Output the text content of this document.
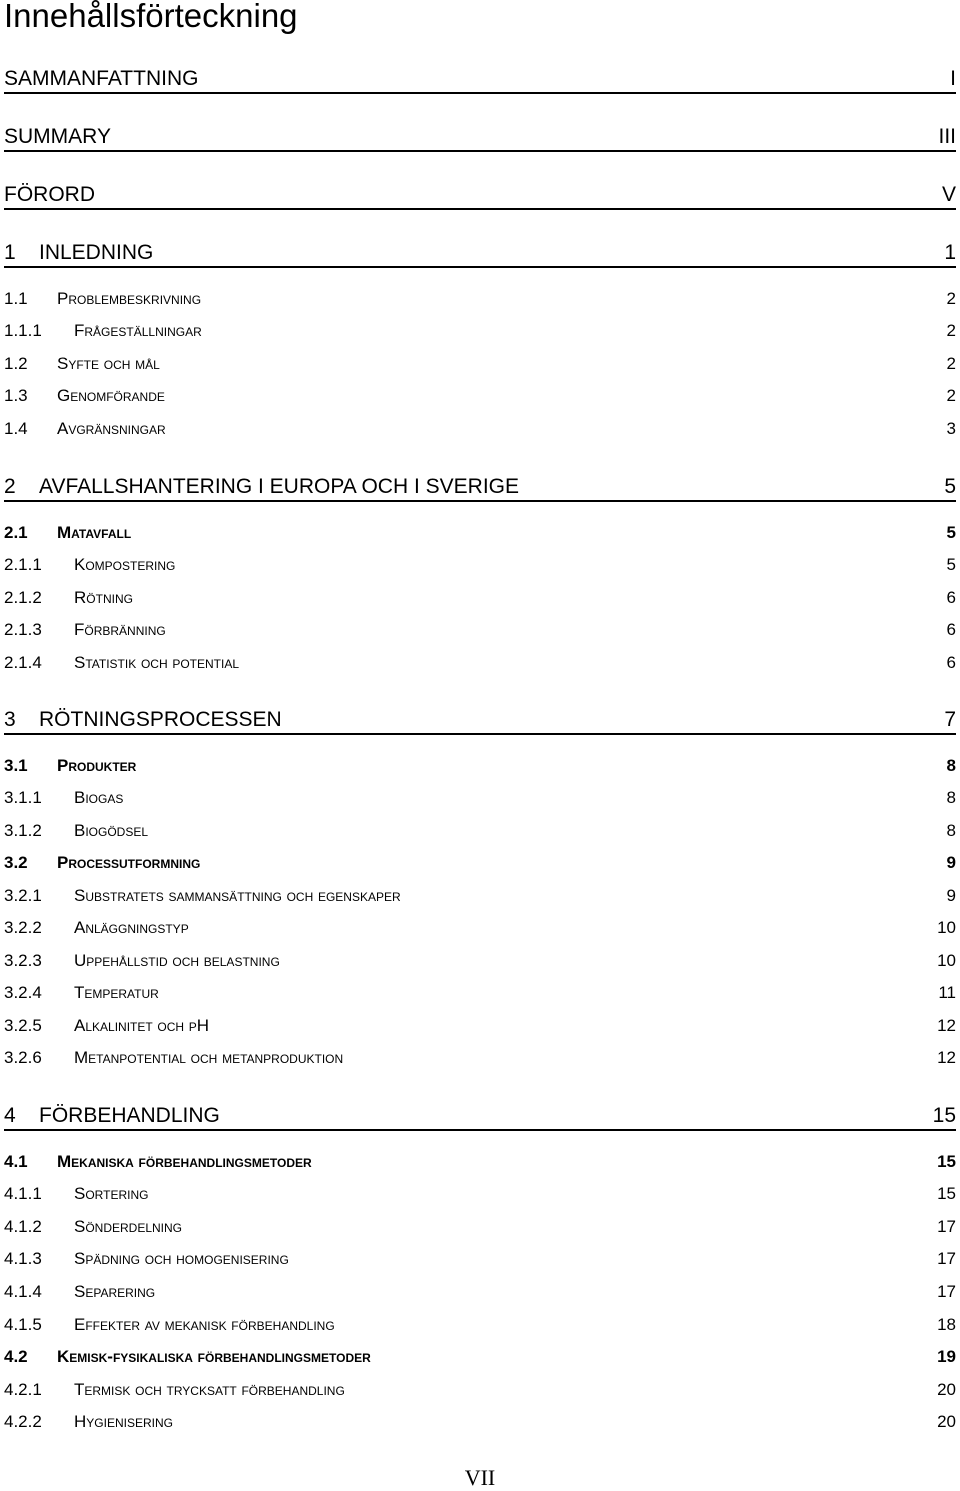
Innehållsförteckning
SAMMANFATTNING	I
SUMMARY	III
FÖRORD	V
1	INLEDNING	1
1.1	Problembeskrivning	2
1.1.1	Frågeställningar	2
1.2	Syfte och mål	2
1.3	Genomförande	2
1.4	Avgränsningar	3
2	AVFALLSHANTERING I EUROPA OCH I SVERIGE	5
2.1	Matavfall	5
2.1.1	Kompostering	5
2.1.2	Rötning	6
2.1.3	Förbränning	6
2.1.4	Statistik och potential	6
3	RÖTNINGSPROCESSEN	7
3.1	Produkter	8
3.1.1	Biogas	8
3.1.2	Biogödsel	8
3.2	Processutformning	9
3.2.1	Substratets sammansättning och egenskaper	9
3.2.2	Anläggningstyp	10
3.2.3	Uppehållstid och belastning	10
3.2.4	Temperatur	11
3.2.5	Alkalinitet och pH	12
3.2.6	Metanpotential och metanproduktion	12
4	FÖRBEHANDLING	15
4.1	Mekaniska förbehandlingsmetoder	15
4.1.1	Sortering	15
4.1.2	Sönderdelning	17
4.1.3	Spädning och homogenisering	17
4.1.4	Separering	17
4.1.5	Effekter av mekanisk förbehandling	18
4.2	Kemisk-fysikaliska förbehandlingsmetoder	19
4.2.1	Termisk och trycksatt förbehandling	20
4.2.2	Hygienisering	20
VII
